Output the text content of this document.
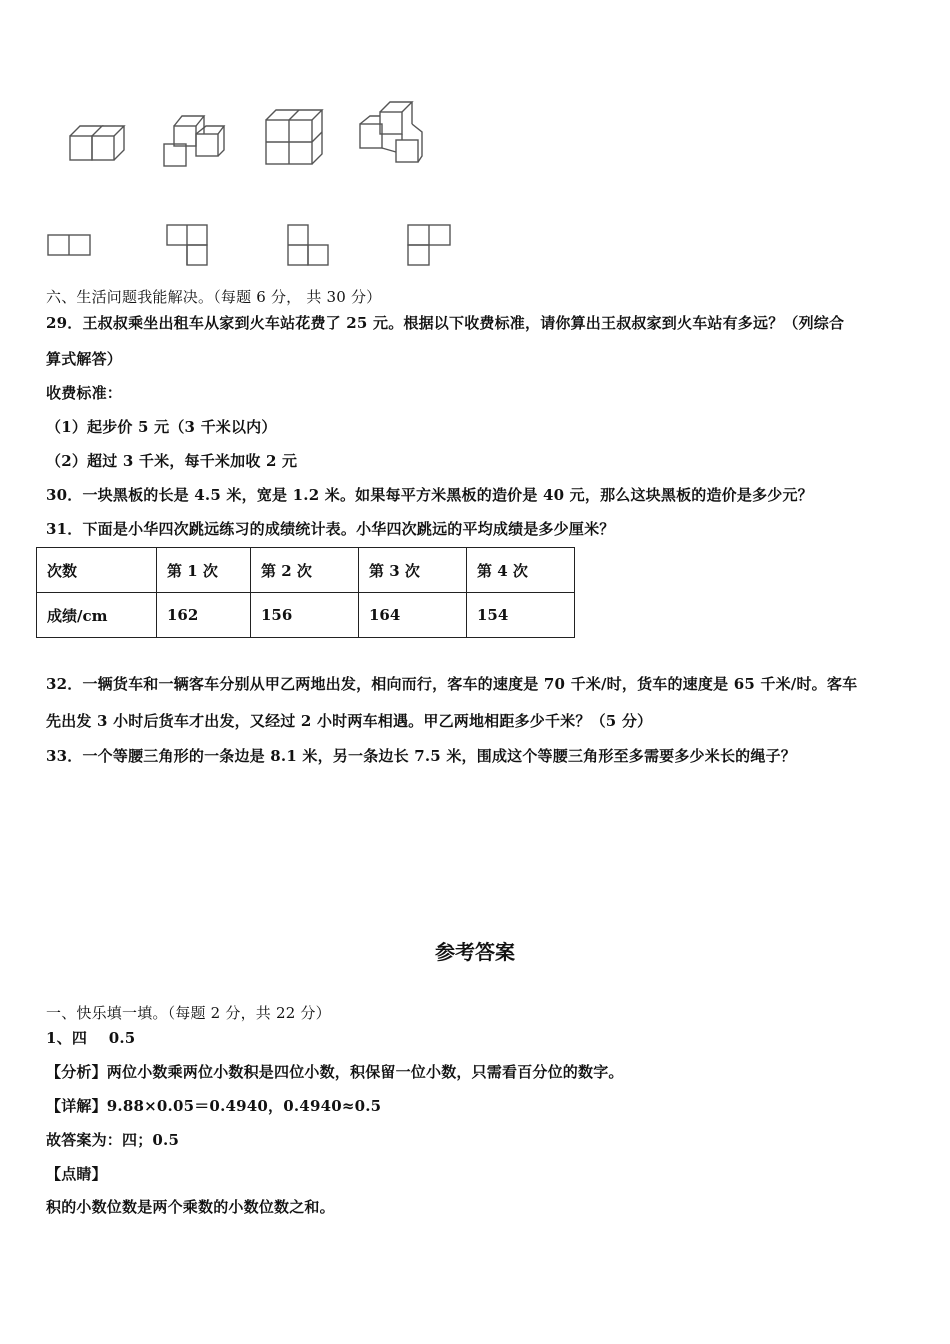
六、生活问题我能解决。（每题 6 分， 共 30 分）
29．王叔叔乘坐出租车从家到火车站花费了 25 元。根据以下收费标准，请你算出王叔叔家到火车站有多远？（列综合
算式解答）
收费标准：
（1）起步价 5 元（3 千米以内）
（2）超过 3 千米，每千米加收 2 元
30．一块黑板的长是 4.5 米，宽是 1.2 米。如果每平方米黑板的造价是 40 元，那么这块黑板的造价是多少元？
31．下面是小华四次跳远练习的成绩统计表。小华四次跳远的平均成绩是多少厘米？
次数	第 1 次	第 2 次	第 3 次	第 4 次
成绩/cm	162	156	164	154
32．一辆货车和一辆客车分别从甲乙两地出发，相向而行，客车的速度是 70 千米/时，货车的速度是 65 千米/时。客车
先出发 3 小时后货车才出发，又经过 2 小时两车相遇。甲乙两地相距多少千米？（5 分）
33．一个等腰三角形的一条边是 8.1 米，另一条边长 7.5 米，围成这个等腰三角形至多需要多少米长的绳子？
参考答案
一、快乐填一填。（每题 2 分，共 22 分）
1、四    0.5
【分析】两位小数乘两位小数积是四位小数，积保留一位小数，只需看百分位的数字。
【详解】9.88×0.05＝0.4940，0.4940≈0.5
故答案为：四；0.5
【点睛】
积的小数位数是两个乘数的小数位数之和。
